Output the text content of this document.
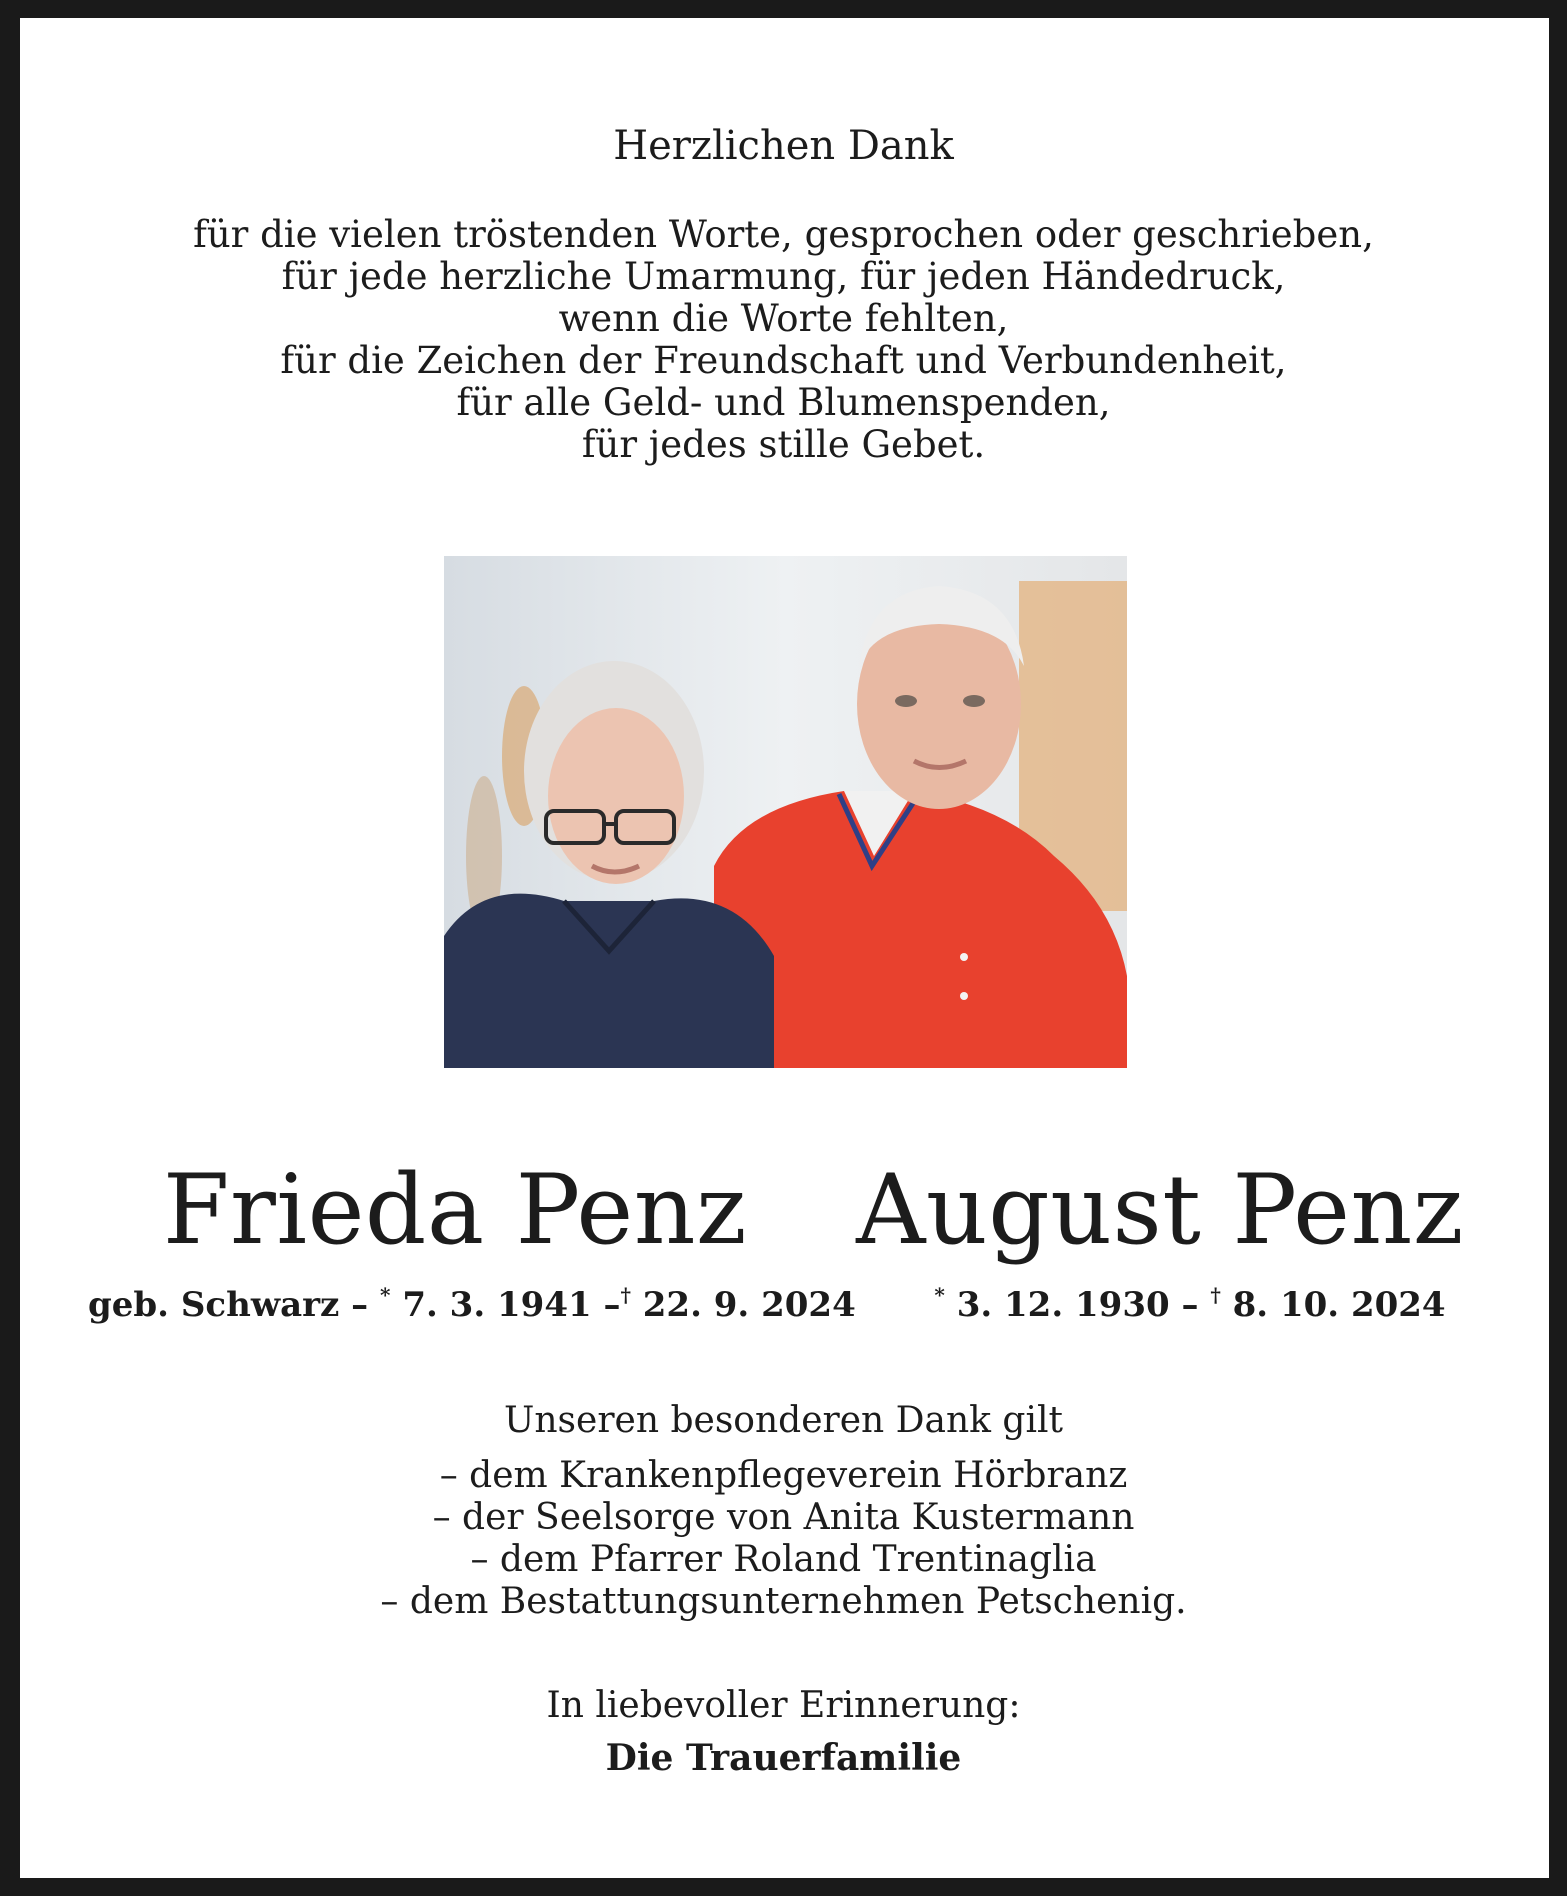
Herzlichen Dank
für die vielen tröstenden Worte, gesprochen oder geschrieben,
für jede herzliche Umarmung, für jeden Händedruck,
wenn die Worte fehlten,
für die Zeichen der Freundschaft und Verbundenheit,
für alle Geld- und Blumenspenden,
für jedes stille Gebet.
Frieda Penz	August Penz
geb. Schwarz – * 7. 3. 1941 –† 22. 9. 2024	* 3. 12. 1930 – † 8. 10. 2024
Unseren besonderen Dank gilt
– dem Krankenpflegeverein Hörbranz
– der Seelsorge von Anita Kustermann
– dem Pfarrer Roland Trentinaglia
– dem Bestattungsunternehmen Petschenig.
In liebevoller Erinnerung:
Die Trauerfamilie
